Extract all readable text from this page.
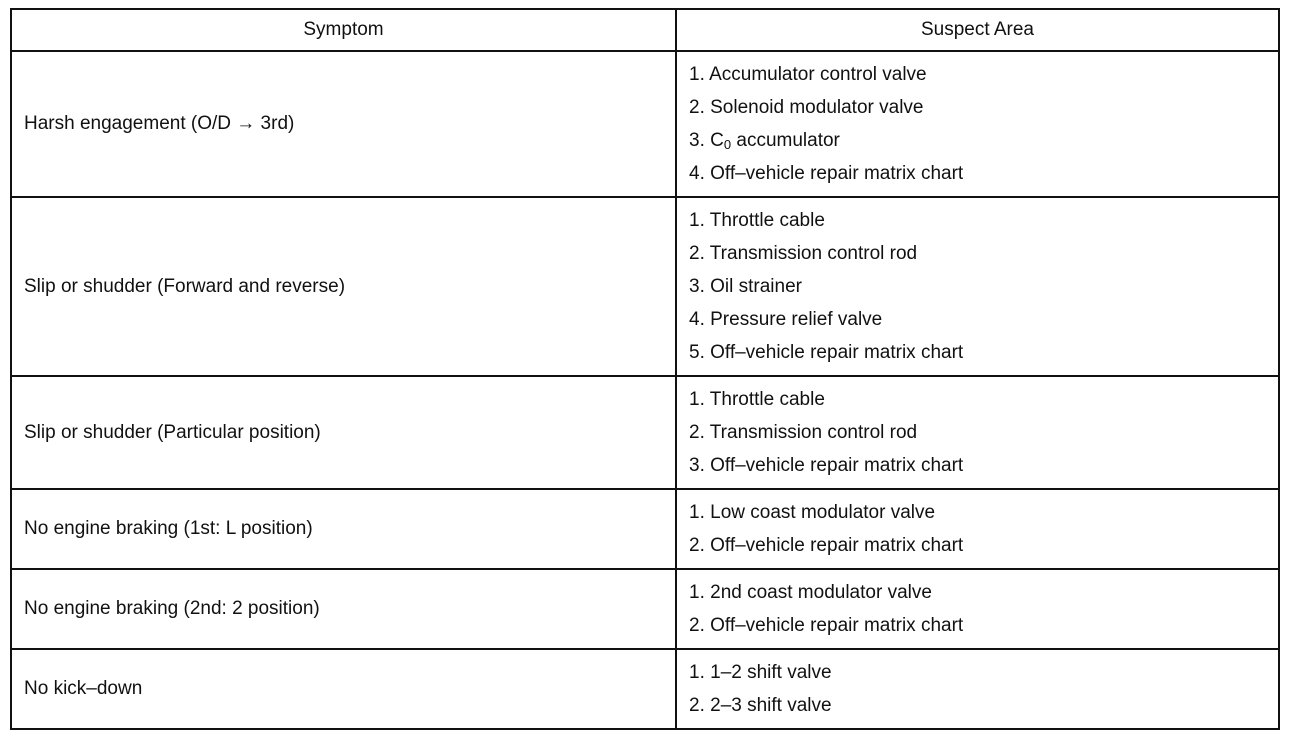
Symptom	Suspect Area
Harsh engagement (O/D → 3rd)	1. Accumulator control valve
2. Solenoid modulator valve
3. $C_0$ accumulator
4. Off–vehicle repair matrix chart

Slip or shudder (Forward and reverse)	1. Throttle cable
2. Transmission control rod
3. Oil strainer
4. Pressure relief valve
5. Off–vehicle repair matrix chart

Slip or shudder (Particular position)	1. Throttle cable
2. Transmission control rod
3. Off–vehicle repair matrix chart

No engine braking (1st: L position)	1. Low coast modulator valve
2. Off–vehicle repair matrix chart

No engine braking (2nd: 2 position)	1. 2nd coast modulator valve
2. Off–vehicle repair matrix chart

No kick–down	1. 1–2 shift valve
2. 2–3 shift valve
